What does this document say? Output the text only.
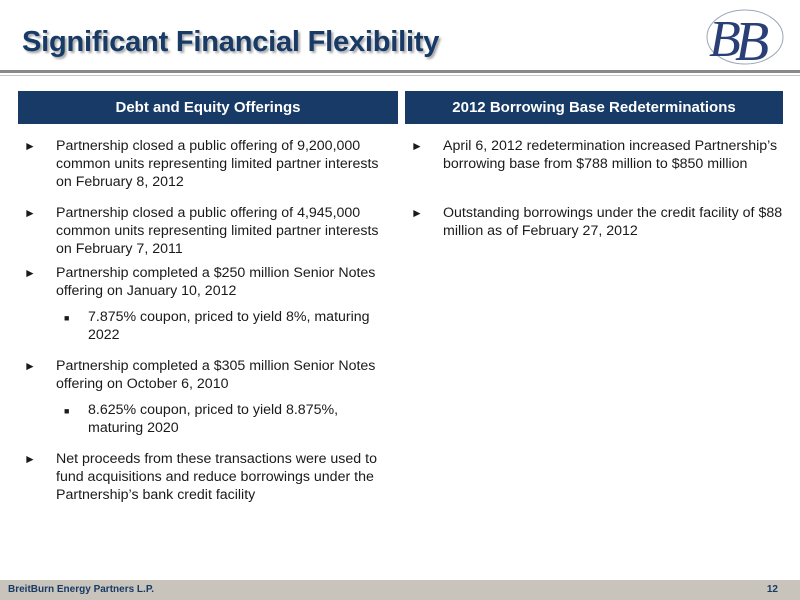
Significant Financial Flexibility	B
B
Debt and Equity Offerings	2012 Borrowing Base Redeterminations
► Partnership closed a public offering of 9,200,000 common units representing limited partner interests on February 8, 2012
► Partnership closed a public offering of 4,945,000 common units representing limited partner interests on February 7, 2011
► Partnership completed a $250 million Senior Notes offering on January 10, 2012
■ 7.875% coupon, priced to yield 8%, maturing 2022
► Partnership completed a $305 million Senior Notes offering on October 6, 2010
■ 8.625% coupon, priced to yield 8.875%, maturing 2020
► Net proceeds from these transactions were used to fund acquisitions and reduce borrowings under the Partnership’s bank credit facility
► April 6, 2012 redetermination increased Partnership’s borrowing base from $788 million to $850 million
► Outstanding borrowings under the credit facility of $88 million as of February 27, 2012
BreitBurn Energy Partners L.P.	12
